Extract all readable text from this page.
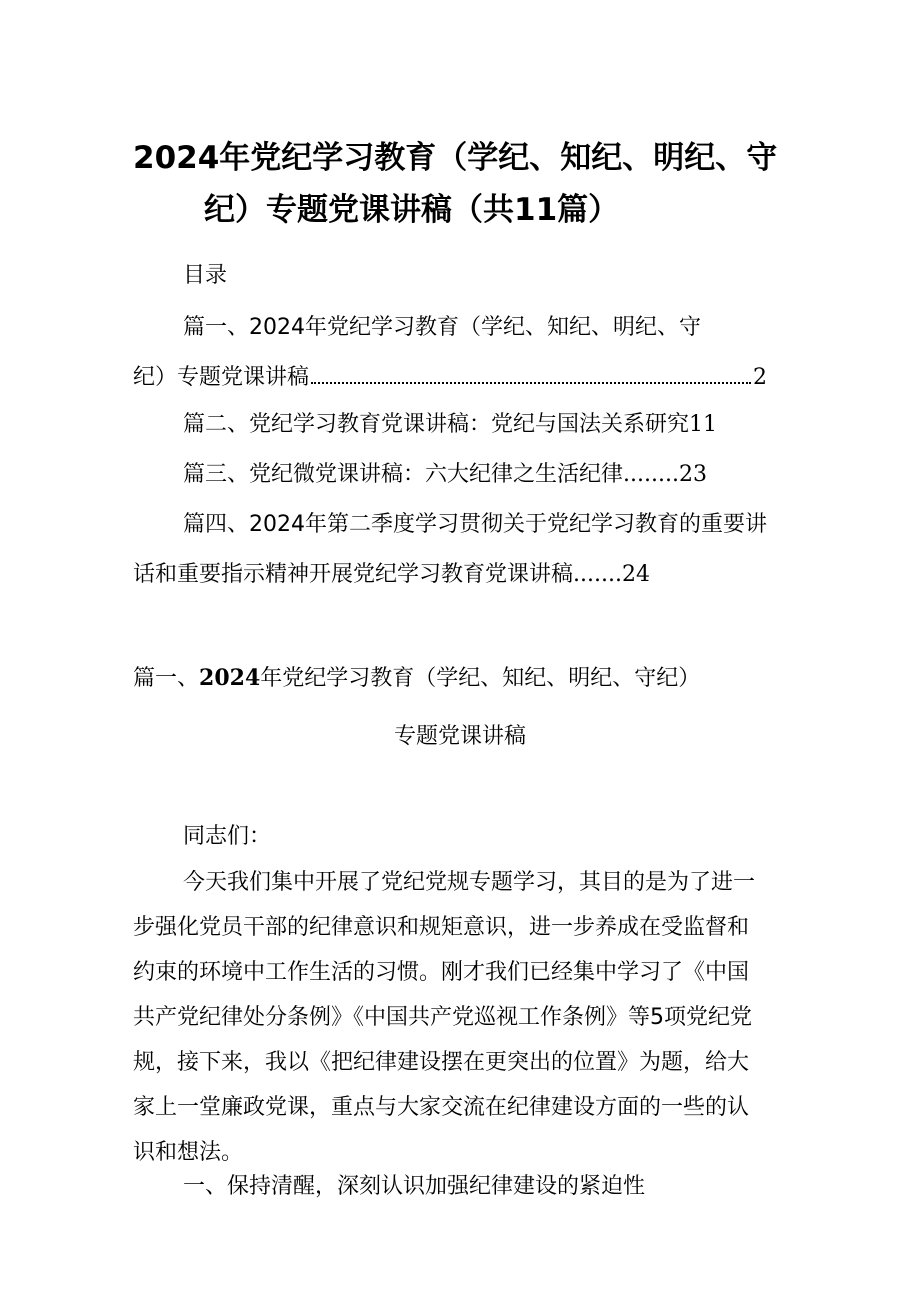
2024年党纪学习教育（学纪、知纪、明纪、守
纪）专题党课讲稿（共11篇）
目录
篇一、2024年党纪学习教育（学纪、知纪、明纪、守
纪）专题党课讲稿	2
篇二、党纪学习教育党课讲稿：党纪与国法关系研究11
篇三、党纪微党课讲稿：六大纪律之生活纪律........23
篇四、2024年第二季度学习贯彻关于党纪学习教育的重要讲
话和重要指示精神开展党纪学习教育党课讲稿.......24
篇一、2024年党纪学习教育（学纪、知纪、明纪、守纪）
专题党课讲稿
同志们：
今天我们集中开展了党纪党规专题学习，其目的是为了进一
步强化党员干部的纪律意识和规矩意识，进一步养成在受监督和
约束的环境中工作生活的习惯。刚才我们已经集中学习了《中国
共产党纪律处分条例》《中国共产党巡视工作条例》等5项党纪党
规，接下来，我以《把纪律建设摆在更突出的位置》为题，给大
家上一堂廉政党课，重点与大家交流在纪律建设方面的一些的认
识和想法。
一、保持清醒，深刻认识加强纪律建设的紧迫性
